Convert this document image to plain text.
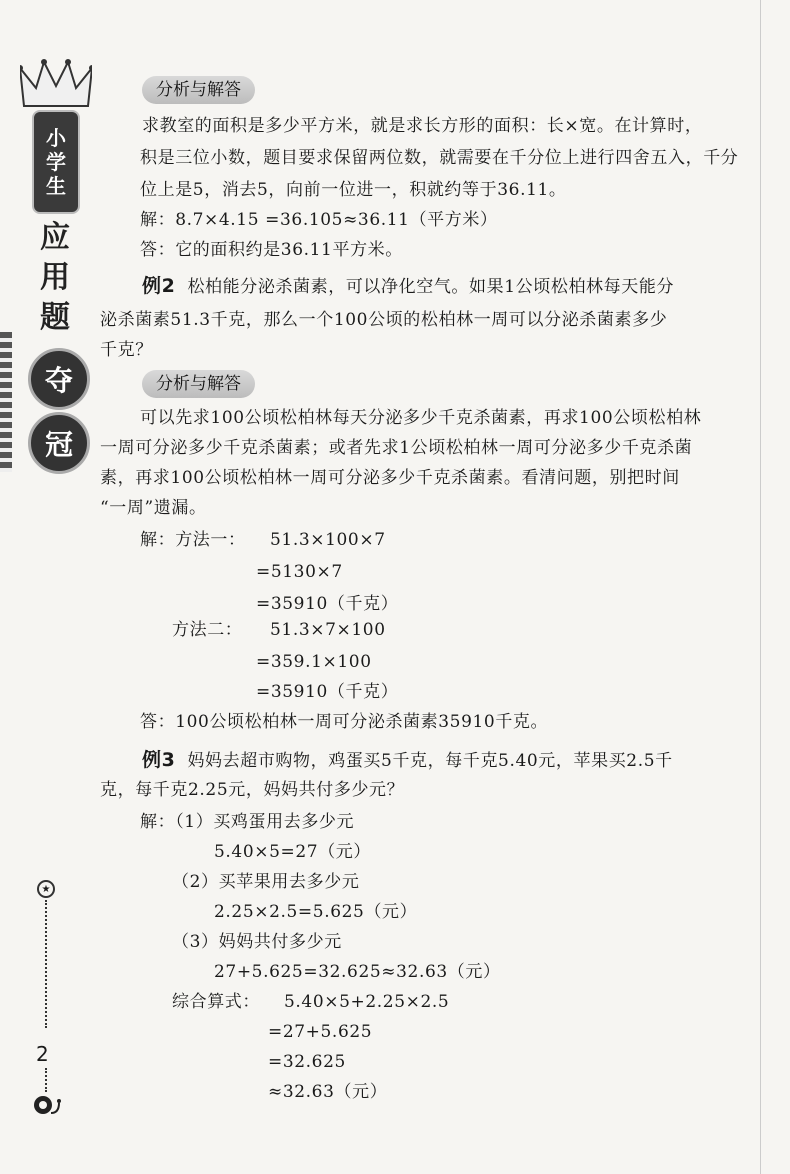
小
学
生
应
用
题
夺
冠
★
2
分析与解答
求教室的面积是多少平方米，就是求长方形的面积：长×宽。在计算时，
积是三位小数，题目要求保留两位数，就需要在千分位上进行四舍五入，千分
位上是5，消去5，向前一位进一，积就约等于36.11。
解：8.7×4.15 =36.105≈36.11（平方米）
答：它的面积约是36.11平方米。
例2 松柏能分泌杀菌素，可以净化空气。如果1公顷松柏林每天能分
泌杀菌素51.3千克，那么一个100公顷的松柏林一周可以分泌杀菌素多少
千克？
分析与解答
可以先求100公顷松柏林每天分泌多少千克杀菌素，再求100公顷松柏林
一周可分泌多少千克杀菌素；或者先求1公顷松柏林一周可分泌多少千克杀菌
素，再求100公顷松柏林一周可分泌多少千克杀菌素。看清问题，别把时间
“一周”遗漏。
解：方法一： 51.3×100×7
=5130×7
=35910（千克）
方法二： 51.3×7×100
=359.1×100
=35910（千克）
答：100公顷松柏林一周可分泌杀菌素35910千克。
例3 妈妈去超市购物，鸡蛋买5千克，每千克5.40元，苹果买2.5千
克，每千克2.25元，妈妈共付多少元？
解：（1）买鸡蛋用去多少元
5.40×5=27（元）
（2）买苹果用去多少元
2.25×2.5=5.625（元）
（3）妈妈共付多少元
27+5.625=32.625≈32.63（元）
综合算式： 5.40×5+2.25×2.5
=27+5.625
=32.625
≈32.63（元）
